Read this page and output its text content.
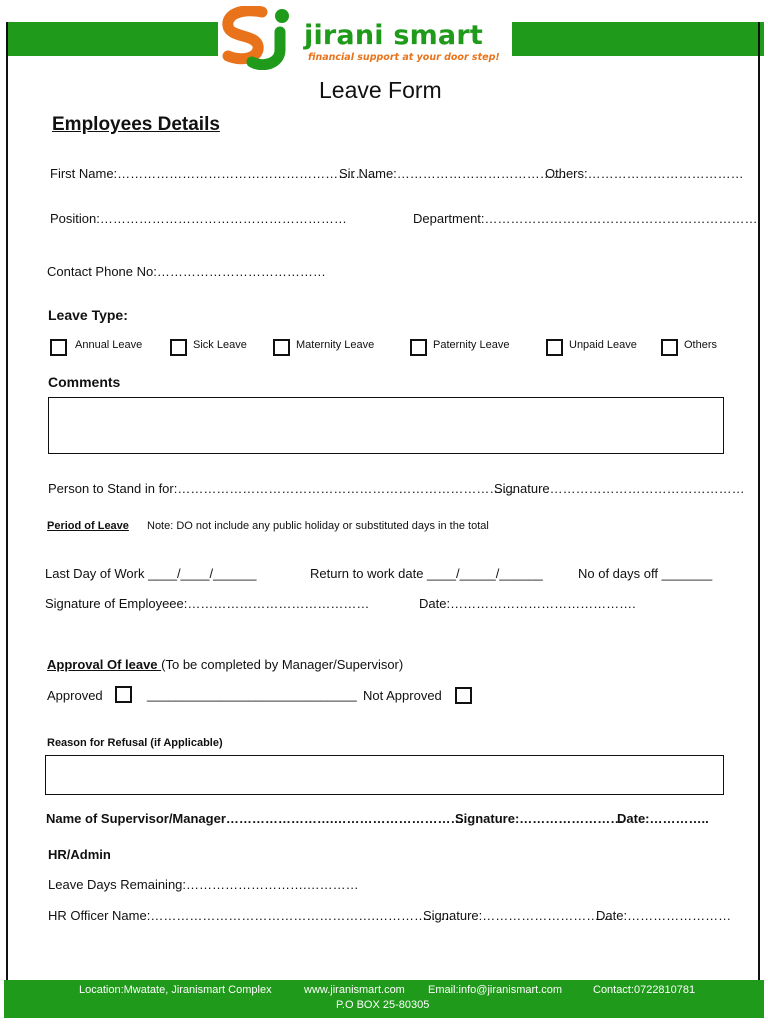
jirani smart
financial support at your door step!
Leave Form
Employees Details
First Name:……………………………………………………
Sir Name:…………………………………
Others:………………………………
Position:…………………………………………………	Department:………………………………………………………
Contact Phone No:…………………………………
Leave Type:
Annual Leave	Sick Leave	Maternity Leave	Paternity Leave	Unpaid Leave	Others
Comments
Person to Stand in for:……………………………………………………………………
Signature………………………………………
Period of Leave Note: DO not include any public holiday or substituted days in the total
Last Day of Work ____/____/______	Return to work date ____/_____/______	No of days off _______
Signature of Employeee:……………………………………	Date:…………………………………….
Approval Of leave (To be completed by Manager/Supervisor)
Approved	_____________________________ Not Approved
Reason for Refusal (if Applicable)
Name of Supervisor/Manager…………………….………………………….
Signature:……………………
Date:…………..
HR/Admin
Leave Days Remaining:……………………….…………
HR Officer Name:…………………………………………….………………
Signature:…………………………
Date:……………………
Location:Mwatate, Jiranismart Complex	www.jiranismart.com Email:info@jiranismart.com	Contact:0722810781
P.O BOX 25-80305
